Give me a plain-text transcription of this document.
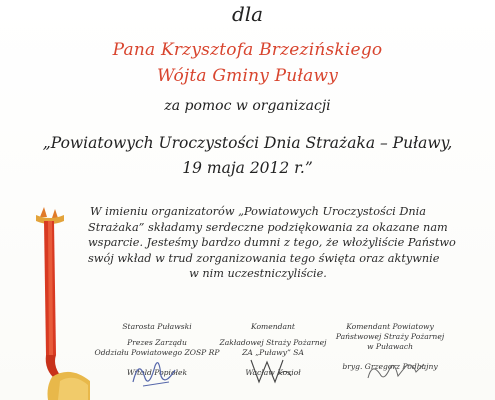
dla
Pana Krzysztofa Brzezińskiego
Wójta Gminy Puławy
za pomoc w organizacji
„Powiatowych Uroczystości Dnia Strażaka – Puławy,
19 maja 2012 r.”
W imieniu organizatorów „Powiatowych Uroczystości Dnia
Strażaka” składamy serdeczne podziękowania za okazane nam
wsparcie. Jesteśmy bardzo dumni z tego, że włożyliście Państwo
swój wkład w trud zorganizowania tego święta oraz aktywnie
w nim uczestniczyliście.
Starosta Puławski
Prezes Zarządu
Oddziału Powiatowego ZOSP RP
Witold Popiołek
Komendant
Zakładowej Straży Pożarnej
ZA „Puławy” SA
Wacław Kozioł
Komendant Powiatowy
Państwowej Straży Pożarnej
w Puławach
bryg. Grzegorz Podhajny
